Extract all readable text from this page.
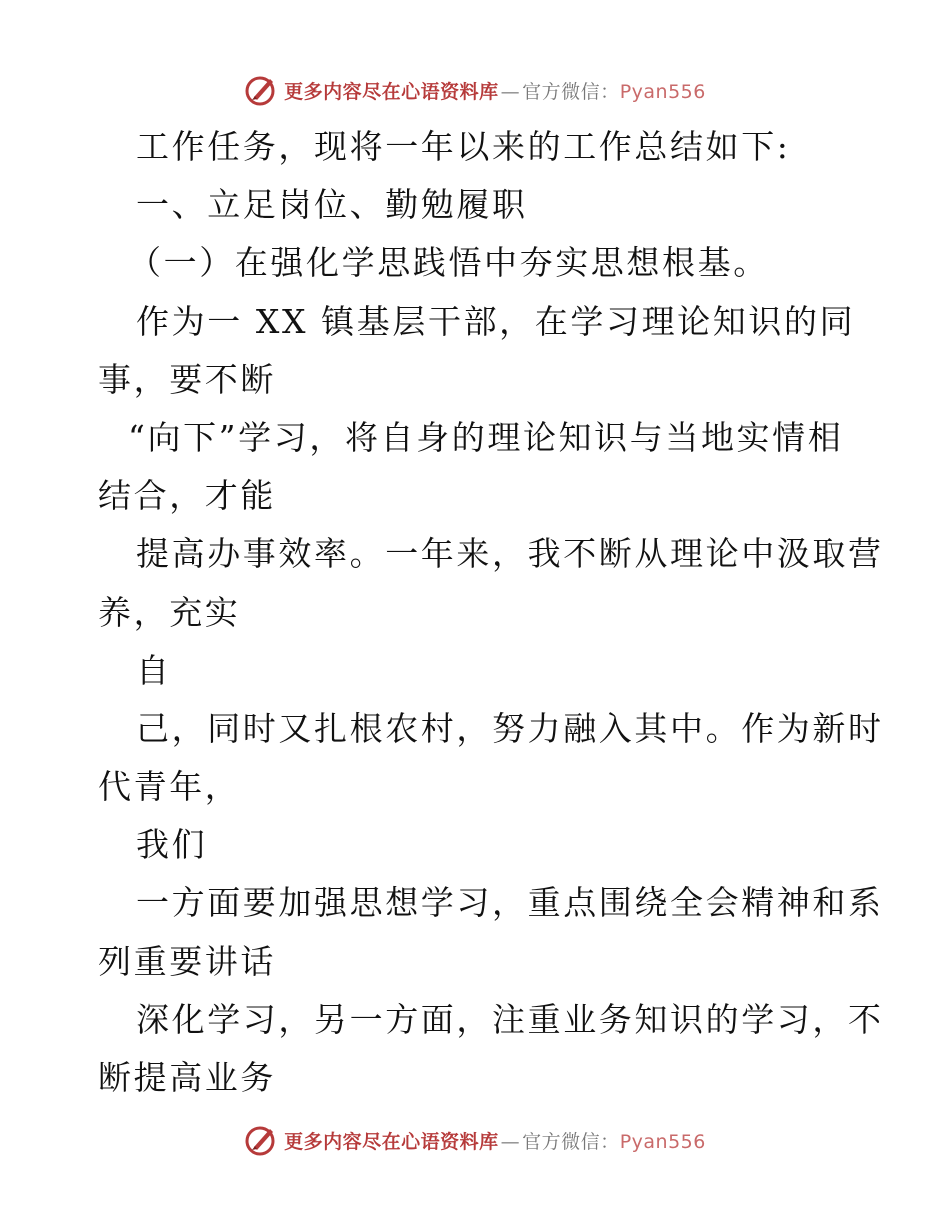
更多内容尽在心语资料库 — 官方微信：Pyan556
工作任务，现将一年以来的工作总结如下:
一、立足岗位、勤勉履职
（一）在强化学思践悟中夯实思想根基。
作为一 XX 镇基层干部，在学习理论知识的同
事，要不断
“向下”学习，将自身的理论知识与当地实情相
结合，才能
提高办事效率。一年来，我不断从理论中汲取营
养，充实
自
己，同时又扎根农村，努力融入其中。作为新时
代青年，
我们
一方面要加强思想学习，重点围绕全会精神和系
列重要讲话
深化学习，另一方面，注重业务知识的学习，不
断提高业务
更多内容尽在心语资料库 — 官方微信：Pyan556
